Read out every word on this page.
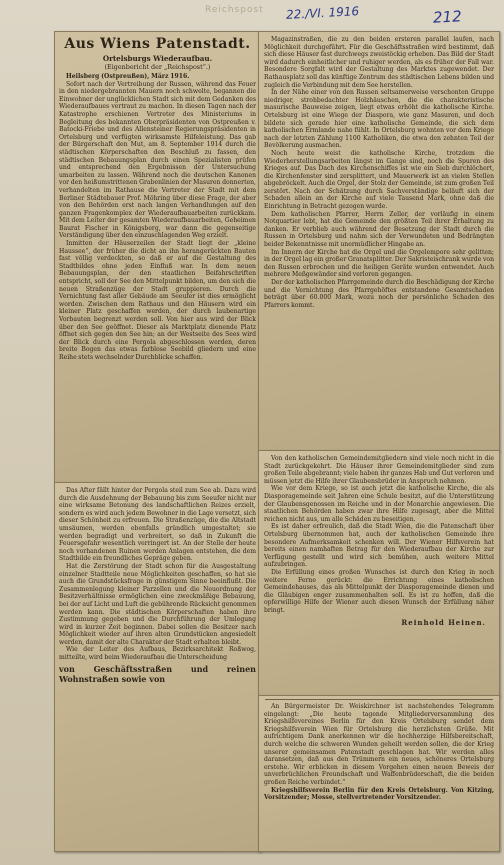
Reichspost 22./VI. 1916	212
Aus Wiens Patenstadt.
Ortelsburgs Wiederaufbau.
(Eigenbericht der „Reichspost“.)
Heilsberg (Ostpreußen), März 1916.
Sofort nach der Vertreibung der Russen, während das Feuer in den niedergebrannten Mauern noch schwelte, begannen die Einwohner der unglücklichen Stadt sich mit dem Gedanken des Wiederaufbaues vertraut zu machen. In diesen Tagen nach der Katastrophe erschienen Vertreter des Ministeriums in Begleitung des bekannten Oberpräsidenten von Ostpreußen v. Batocki-Friebe und des Allensteiner Regierungspräsidenten in Ortelsburg und verfügten wirksamste Hilfeleistung. Das gab der Bürgerschaft den Mut, am 8. September 1914 durch die städtischen Körperschaften den Beschluß zu fassen, den städtischen Bebauungsplan durch einen Spezialisten prüfen und entsprechend den Ergebnissen der Untersuchung umarbeiten zu lassen. Während noch die deutschen Kanonen vor den heißumstrittenen Grabenlinien der Masuren donnerten, verhandelten im Rathause die Vertreter der Stadt mit dem Berliner Städtebauer Prof. Möhring über diese Frage, der aber von den Behörden erst nach langen Verhandlungen auf den ganzen Fragenkomplex der Wiederaufbauarbeiten zurückkam. Mit dem Leiter der gesamten Wiederaufbauarbeiten, Geheimen Baurat Fischer in Königsberg, war dann die gegenseitige Verständigung über den einzuschlagenden Weg erzielt.
Inmitten der Häuserzeilen der Stadt liegt der „kleine Haussee“, der früher die dicht an ihn herangerückten Bauten fast völlig verdeckten, so daß er auf die Gestaltung des Stadtbildes ohne jeden Einfluß war. In dem neuen Bebauungsplan, der den staatlichen Beifahrschriften entspricht, soll der See den Mittelpunkt bilden, um den sich die neuen Straßenzüge der Stadt gruppieren. Durch die Vernichtung fast aller Gebäude am Seeufer ist dies ermöglicht worden. Zwischen dem Rathaus und den Häusern wird ein kleiner Platz geschaffen werden, der durch laubenartige Vorbauten begrenzt werden soll. Von hier aus wird der Blick über den See geöffnet. Dieser als Marktplatz dienende Platz öffnet sich gegen den See hin; an der Westseite des Sees wird der Blick durch eine Pergola abgeschlossen werden, deren breite Bogen das etwas farblose Seebild gliedern und eine Reihe stets wechselnder Durchblicke schaffen.
Das After fällt hinter der Pergola steil zum See ab. Dazu wird durch die Ausdehnung der Bebauung bis zum Seeufer nicht nur eine wirksame Betonung des landschaftlichen Reizes erzielt, sondern es wird auch jedem Bewohner in die Lage versetzt, sich dieser Schönheit zu erfreuen. Die Straßenzüge, die die Altstadt umsäumen, werden ebenfalls gründlich umgestaltet; sie werden begradigt und verbreitert, so daß in Zukunft die Feuersgefahr wesentlich verringert ist. An der Stelle der heute noch vorhandenen Ruinen werden Anlagen entstehen, die dem Stadtbilde ein freundliches Gepräge geben.
Hat die Zerstörung der Stadt schon für die Ausgestaltung einzelner Stadtteile neue Möglichkeiten geschaffen, so hat sie auch die Grundstücksfrage in günstigem Sinne beeinflußt. Die Zusammenlegung kleiner Parzellen und die Neuordnung der Besitzverhältnisse ermöglichen eine zweckmäßige Bebauung, bei der auf Licht und Luft die gebührende Rücksicht genommen werden kann. Die städtischen Körperschaften haben ihre Zustimmung gegeben und die Durchführung der Umlegung wird in kurzer Zeit beginnen. Dabei sollen die Besitzer nach Möglichkeit wieder auf ihren alten Grundstücken angesiedelt werden, damit der alte Charakter der Stadt erhalten bleibt.
Wie der Leiter des Aufbaus, Bezirksarchitekt Roßwog, mitteilte, wird beim Wiederaufbau die Unterscheidung
von Geschäftsstraßen und reinen Wohnstraßen sowie von
Magazinstraßen, die zu den beiden ersteren parallel laufen, nach Möglichkeit durchgeführt. Für die Geschäftsstraßen wird bestimmt, daß sich diese Häuser fast durchwegs zweistöckig erheben. Das Bild der Stadt wird dadurch einheitlicher und ruhiger werden, als es früher der Fall war. Besondere Sorgfalt wird der Gestaltung des Marktes zugewendet. Der Rathausplatz soll das künftige Zentrum des städtischen Lebens bilden und zugleich die Verbindung mit dem See herstellen.
In der Nähe einer von den Russen seltsamerweise verschonten Gruppe niedriger, strohbedachter Holzhäuschen, die die charakteristische masurische Bauweise zeigen, liegt etwas erhöht die katholische Kirche. Ortelsburg ist eine Wiege der Diaspora, wie ganz Masuren, und doch bildete sich gerade hier eine katholische Gemeinde, die sich dem katholischen Ermlande nahe fühlt. In Ortelsburg wohnten vor dem Kriege nach der letzten Zählung 1100 Katholiken, die etwa den zehnten Teil der Bevölkerung ausmachen.
Noch heute weist die katholische Kirche, trotzdem die Wiederherstellungsarbeiten längst im Gange sind, noch die Spuren des Krieges auf. Das Dach des Kirchenschiffes ist wie ein Sieb durchlöchert, die Kirchenfenster sind zersplittert, und Mauerwerk ist an vielen Stellen abgebröckelt. Auch die Orgel, der Stolz der Gemeinde, ist zum großen Teil zerstört. Nach der Schätzung durch Sachverständige beläuft sich der Schaden allein an der Kirche auf viele Tausend Mark, ohne daß die Einrichtung in Betracht gezogen wurde.
Dem katholischen Pfarrer, Herrn Zeller, der vorläufig in einem Notquartier lebt, hat die Gemeinde den größten Teil ihrer Erhaltung zu danken. Er verblieb auch während der Besetzung der Stadt durch die Russen in Ortelsburg und nahm sich der Verwundeten und Bedrängten beider Bekenntnisse mit unermüdlicher Hingabe an.
Im Innern der Kirche hat die Orgel und die Orgelempore sehr gelitten; in der Orgel lag ein großer Granatsplitter. Der Sakristeischrank wurde von den Russen erbrochen und die heiligen Geräte wurden entwendet. Auch mehrere Meßgewänder sind verloren gegangen.
Der der katholischen Pfarrgemeinde durch die Beschädigung der Kirche und die Vernichtung des Pfarrgehöftes entstandene Gesamtschaden beträgt über 60.000 Mark, wozu noch der persönliche Schaden des Pfarrers kommt.
Von den katholischen Gemeindemitgliedern sind viele noch nicht in die Stadt zurückgekehrt. Die Häuser ihrer Gemeindemitglieder sind zum großen Teile abgebrannt; viele haben ihr ganzes Hab und Gut verloren und müssen jetzt die Hilfe ihrer Glaubensbrüder in Anspruch nehmen.
Wie vor dem Kriege, so ist auch jetzt die katholische Kirche, die als Diasporagemeinde seit Jahren eine Schule besitzt, auf die Unterstützung der Glaubensgenossen im Reiche und in der Monarchie angewiesen. Die staatlichen Behörden haben zwar ihre Hilfe zugesagt, aber die Mittel reichen nicht aus, um alle Schäden zu beseitigen.
Es ist daher erfreulich, daß die Stadt Wien, die die Patenschaft über Ortelsburg übernommen hat, auch der katholischen Gemeinde ihre besondere Aufmerksamkeit schenken will. Der Wiener Hilfsverein hat bereits einen namhaften Betrag für den Wiederaufbau der Kirche zur Verfügung gestellt und wird sich bemühen, auch weitere Mittel aufzubringen.
Die Erfüllung eines großen Wunsches ist durch den Krieg in noch weitere Ferne gerückt: die Errichtung eines katholischen Gemeindehauses, das als Mittelpunkt der Diasporagemeinde dienen und die Gläubigen enger zusammenhalten soll. Es ist zu hoffen, daß die opferwillige Hilfe der Wiener auch diesen Wunsch der Erfüllung näher bringt.
Reinhold Heinen.
An Bürgermeister Dr. Weiskirchner ist nachstehendes Telegramm eingelangt: „Die heute tagende Mitgliederversammlung des Kriegshilfevereines Berlin für den Kreis Ortelsburg sendet dem Kriegshilfsverein Wien für Ortelsburg die herzlichsten Grüße. Mit aufrichtigem Dank anerkennen wir die hochherzige Hilfsbereitschaft, durch welche die schweren Wunden geheilt werden sollen, die der Krieg unserer gemeinsamen Patenstadt geschlagen hat. Wir werden alles daransetzen, daß aus den Trümmern ein neues, schöneres Ortelsburg erstehe. Wir erblicken in diesem Vorgehen einen neuen Beweis der unverbrüchlichen Freundschaft und Waffenbrüderschaft, die die beiden großen Reiche verbindet.“
Kriegshilfsverein Berlin für den Kreis Ortelsburg. Von Kitzing, Vorsitzender; Mosse, stellvertretender Vorsitzender.
